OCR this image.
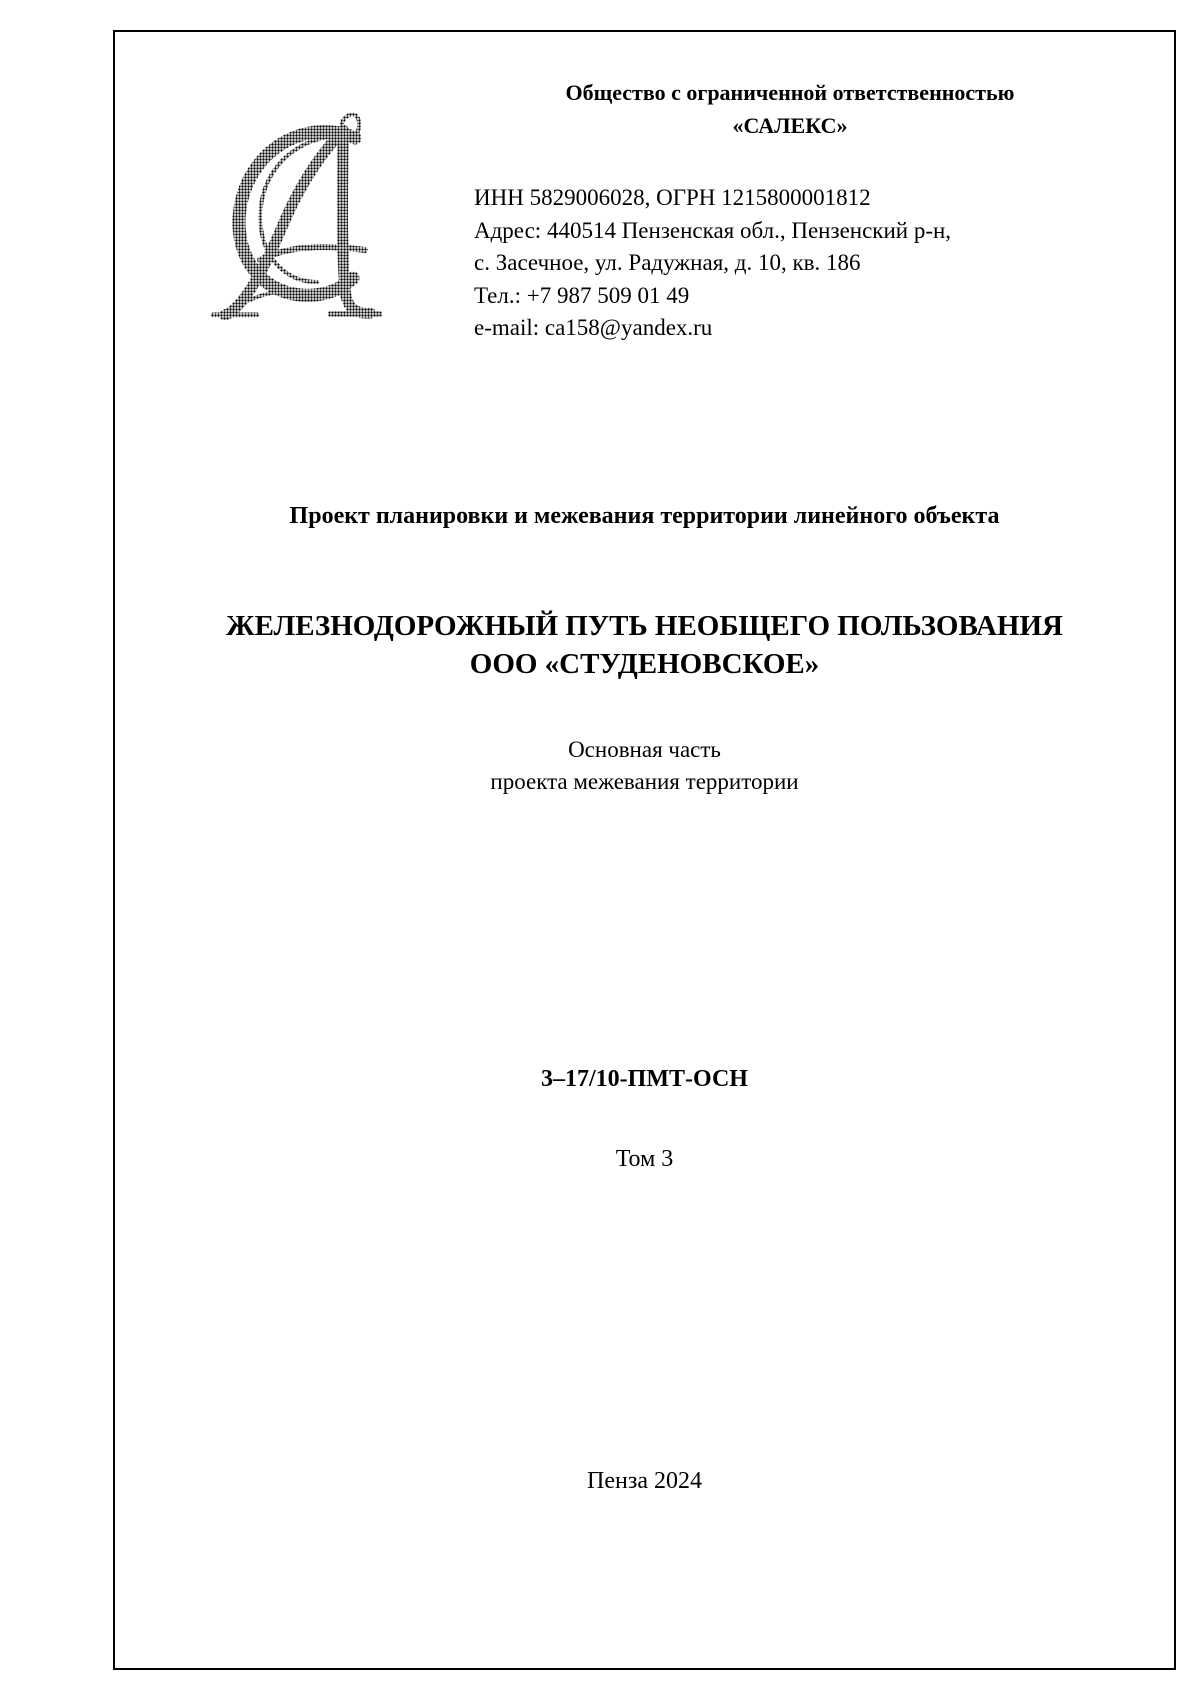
Общество с ограниченной ответственностью
«САЛЕКС»
ИНН 5829006028, ОГРН 1215800001812
Адрес: 440514 Пензенская обл., Пензенский р-н,
с. Засечное, ул. Радужная, д. 10, кв. 186
Тел.: +7 987 509 01 49
e-mail: ca158@yandex.ru
Проект планировки и межевания территории линейного объекта
ЖЕЛЕЗНОДОРОЖНЫЙ ПУТЬ НЕОБЩЕГО ПОЛЬЗОВАНИЯ
ООО «СТУДЕНОВСКОЕ»
Основная часть
проекта межевания территории
3–17/10-ПМТ-ОСН
Том 3
Пенза 2024
